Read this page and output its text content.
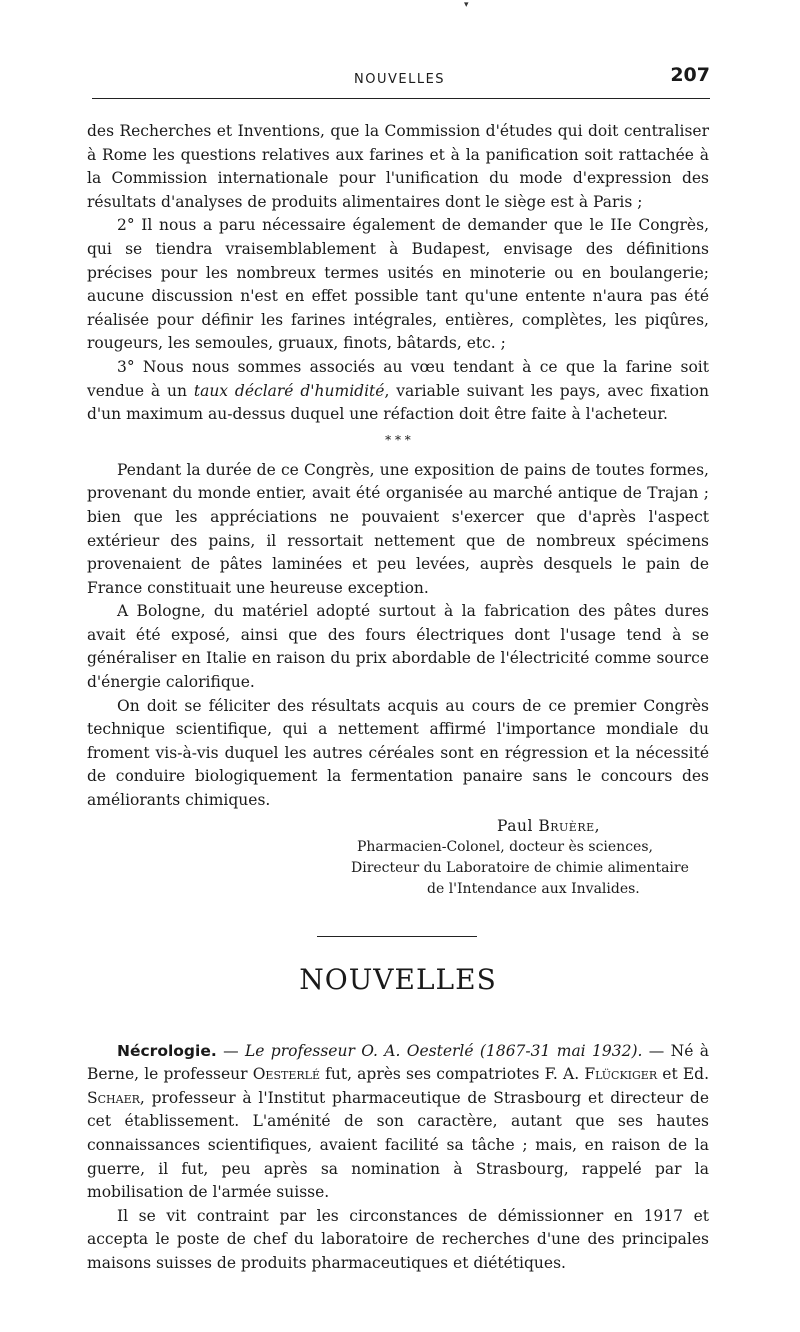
▾
NOUVELLES	207

des Recherches et Inventions, que la Commission d'études qui doit centraliser à Rome les questions relatives aux farines et à la panification soit rattachée à la Commission internationale pour l'unification du mode d'expression des résultats d'analyses de produits alimentaires dont le siège est à Paris ;

2° Il nous a paru nécessaire également de demander que le IIe Congrès, qui se tiendra vraisemblablement à Budapest, envisage des définitions précises pour les nombreux termes usités en minoterie ou en boulangerie; aucune discussion n'est en effet possible tant qu'une entente n'aura pas été réalisée pour définir les farines intégrales, entières, complètes, les piqûres, rougeurs, les semoules, gruaux, finots, bâtards, etc. ;

3° Nous nous sommes associés au vœu tendant à ce que la farine soit vendue à un taux déclaré d'humidité, variable suivant les pays, avec fixation d'un maximum au-dessus duquel une réfaction doit être faite à l'acheteur.

* * *

Pendant la durée de ce Congrès, une exposition de pains de toutes formes, provenant du monde entier, avait été organisée au marché antique de Trajan ; bien que les appréciations ne pouvaient s'exercer que d'après l'aspect extérieur des pains, il ressortait nettement que de nombreux spécimens provenaient de pâtes laminées et peu levées, auprès desquels le pain de France constituait une heureuse exception.

A Bologne, du matériel adopté surtout à la fabrication des pâtes dures avait été exposé, ainsi que des fours électriques dont l'usage tend à se généraliser en Italie en raison du prix abordable de l'électricité comme source d'énergie calorifique.

On doit se féliciter des résultats acquis au cours de ce premier Congrès technique scientifique, qui a nettement affirmé l'importance mondiale du froment vis-à-vis duquel les autres céréales sont en régression et la nécessité de conduire biologiquement la fermentation panaire sans le concours des améliorants chimiques.

Paul Bruère,
Pharmacien-Colonel, docteur ès sciences,
Directeur du Laboratoire de chimie alimentaire
de l'Intendance aux Invalides.
NOUVELLES

Nécrologie. — Le professeur O. A. Oesterlé (1867-31 mai 1932). — Né à Berne, le professeur Oesterlé fut, après ses compatriotes F. A. Flückiger et Ed. Schaer, professeur à l'Institut pharmaceutique de Strasbourg et directeur de cet établissement. L'aménité de son caractère, autant que ses hautes connaissances scientifiques, avaient facilité sa tâche ; mais, en raison de la guerre, il fut, peu après sa nomination à Strasbourg, rappelé par la mobilisation de l'armée suisse.

Il se vit contraint par les circonstances de démissionner en 1917 et accepta le poste de chef du laboratoire de recherches d'une des principales maisons suisses de produits pharmaceutiques et diététiques.
